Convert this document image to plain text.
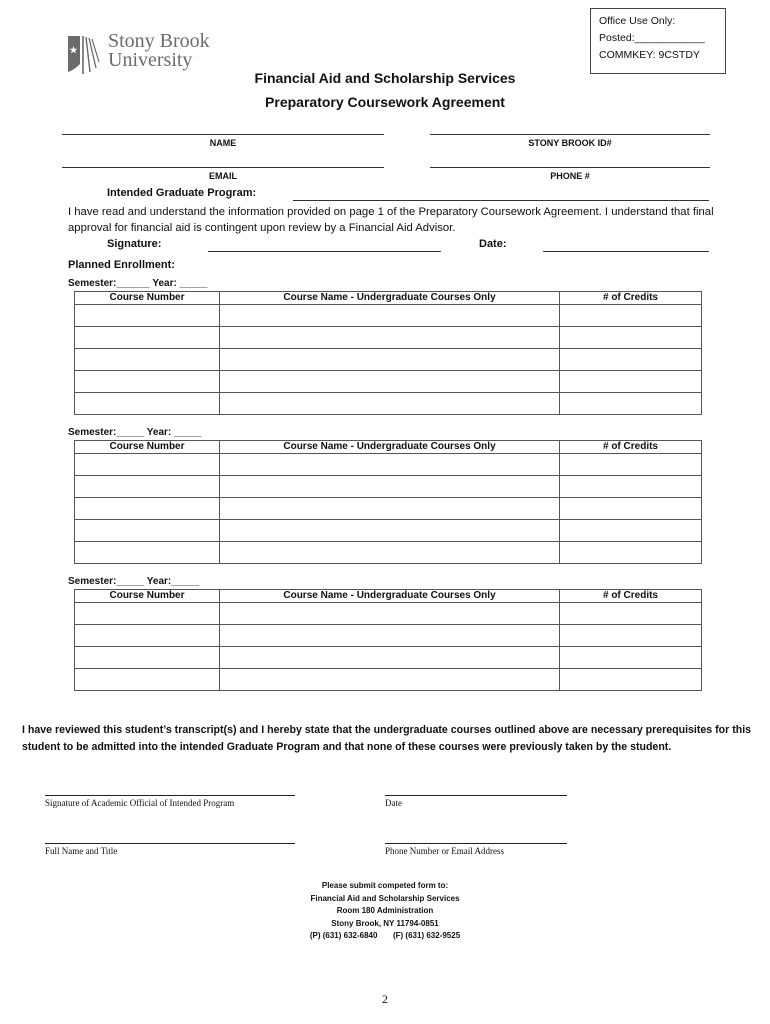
Office Use Only:
Posted:____________
COMMKEY: 9CSTDY
Stony Brook
University
Financial Aid and Scholarship Services
Preparatory Coursework Agreement
NAME	STONY BROOK ID#
EMAIL	PHONE #
Intended Graduate Program:
I have read and understand the information provided on page 1 of the Preparatory Coursework Agreement. I understand that final approval for financial aid is contingent upon review by a Financial Aid Advisor.
Signature:	Date:
Planned Enrollment:
Semester:______ Year: _____
Course Number	Course Name - Undergraduate Courses Only	# of Credits

Semester:_____ Year: _____
Course Number	Course Name - Undergraduate Courses Only	# of Credits

Semester:_____ Year:_____
Course Number	Course Name - Undergraduate Courses Only	# of Credits

I have reviewed this student’s transcript(s) and I hereby state that the undergraduate courses outlined above are necessary prerequisites for this student to be admitted into the intended Graduate Program and that none of these courses were previously taken by the student.
Signature of Academic Official of Intended Program	Date
Full Name and Title	Phone Number or Email Address
Please submit competed form to:
Financial Aid and Scholarship Services
Room 180 Administration
Stony Brook, NY 11794-0851
(P) (631) 632-6840       (F) (631) 632-9525
2
